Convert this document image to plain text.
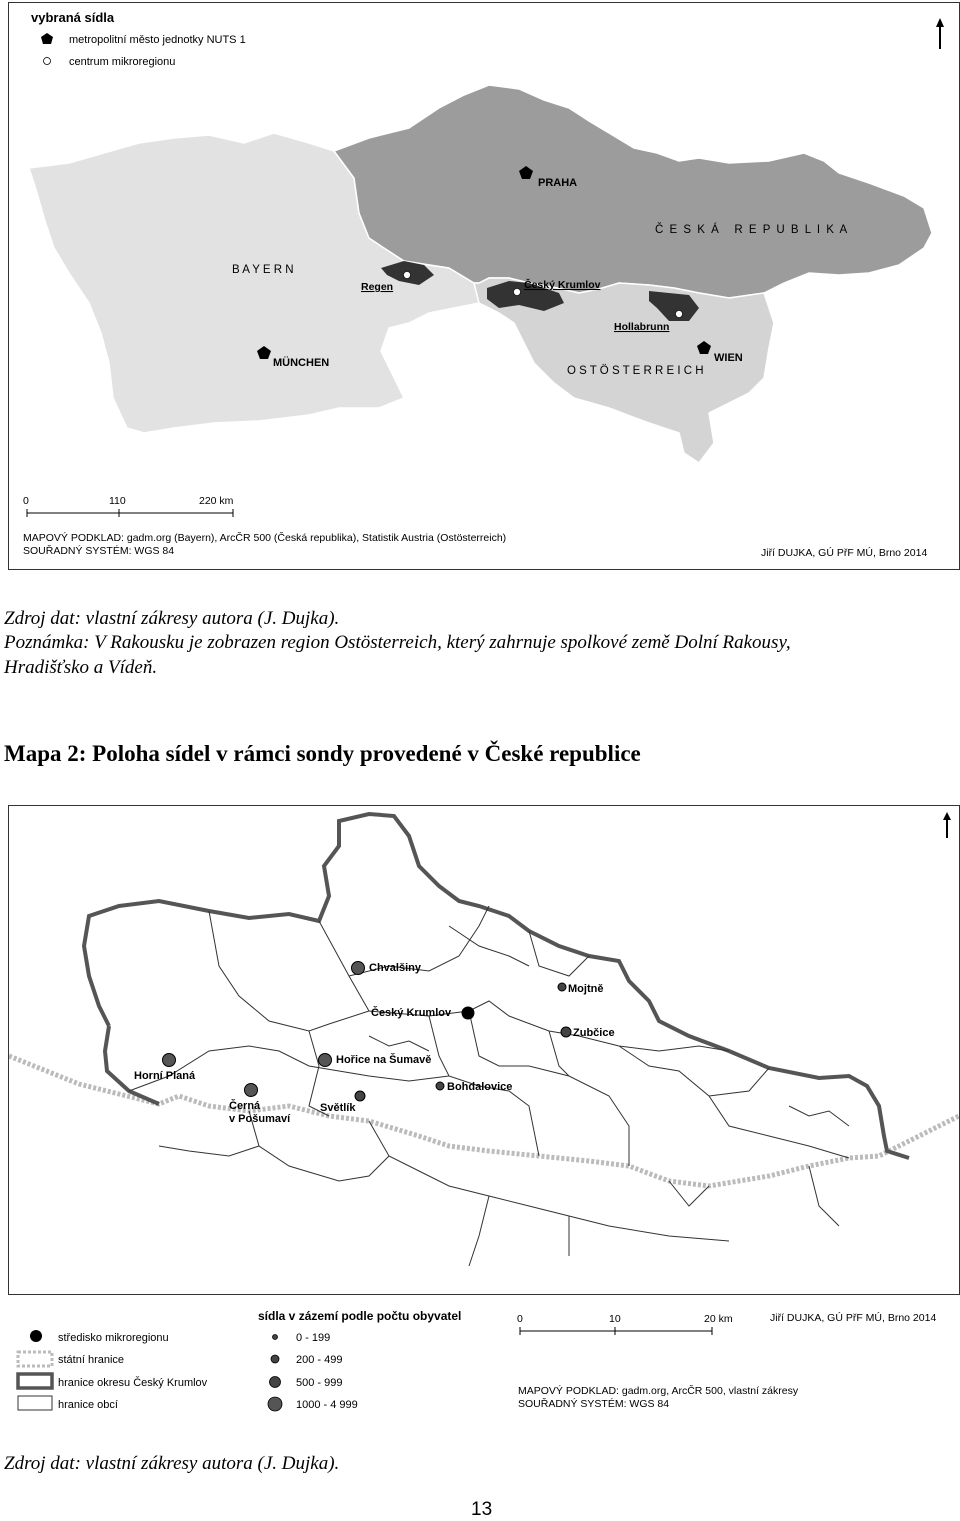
vybraná sídla
metropolitní město jednotky NUTS 1
centrum mikroregionu
Č E S K Á   R E P U B L I K A
B A Y E R N
O S T Ö S T E R R E I C H
PRAHA
MÜNCHEN	WIEN
Regen	Český Krumlov
Hollabrunn
0	110	220 km
MAPOVÝ PODKLAD: gadm.org (Bayern), ArcČR 500 (Česká republika), Statistik Austria (Ostösterreich)
SOUŘADNÝ SYSTÉM: WGS 84	Jiří DUJKA, GÚ PřF MÚ, Brno 2014
Zdroj dat: vlastní zákresy autora (J. Dujka).
Poznámka: V Rakousku je zobrazen region Ostösterreich, který zahrnuje spolkové země Dolní Rakousy,
Hradišťsko a Vídeň.
Mapa 2: Poloha sídel v rámci sondy provedené v České republice
Chvalšiny
Mojtně
Český Krumlov
Zubčice
Horní Planá
Hořice na Šumavě
Bohdalovice
Černá
v Pošumaví
Světlík
středisko mikroregionu
státní hranice
hranice okresu Český Krumlov
hranice obcí
sídla v zázemí podle počtu obyvatel
0 - 199
200 - 499
500 - 999
1000 - 4 999
0	10	20 km	Jiří DUJKA, GÚ PřF MÚ, Brno 2014
MAPOVÝ PODKLAD: gadm.org, ArcČR 500, vlastní zákresy
SOUŘADNÝ SYSTÉM: WGS 84
Zdroj dat: vlastní zákresy autora (J. Dujka).
13
